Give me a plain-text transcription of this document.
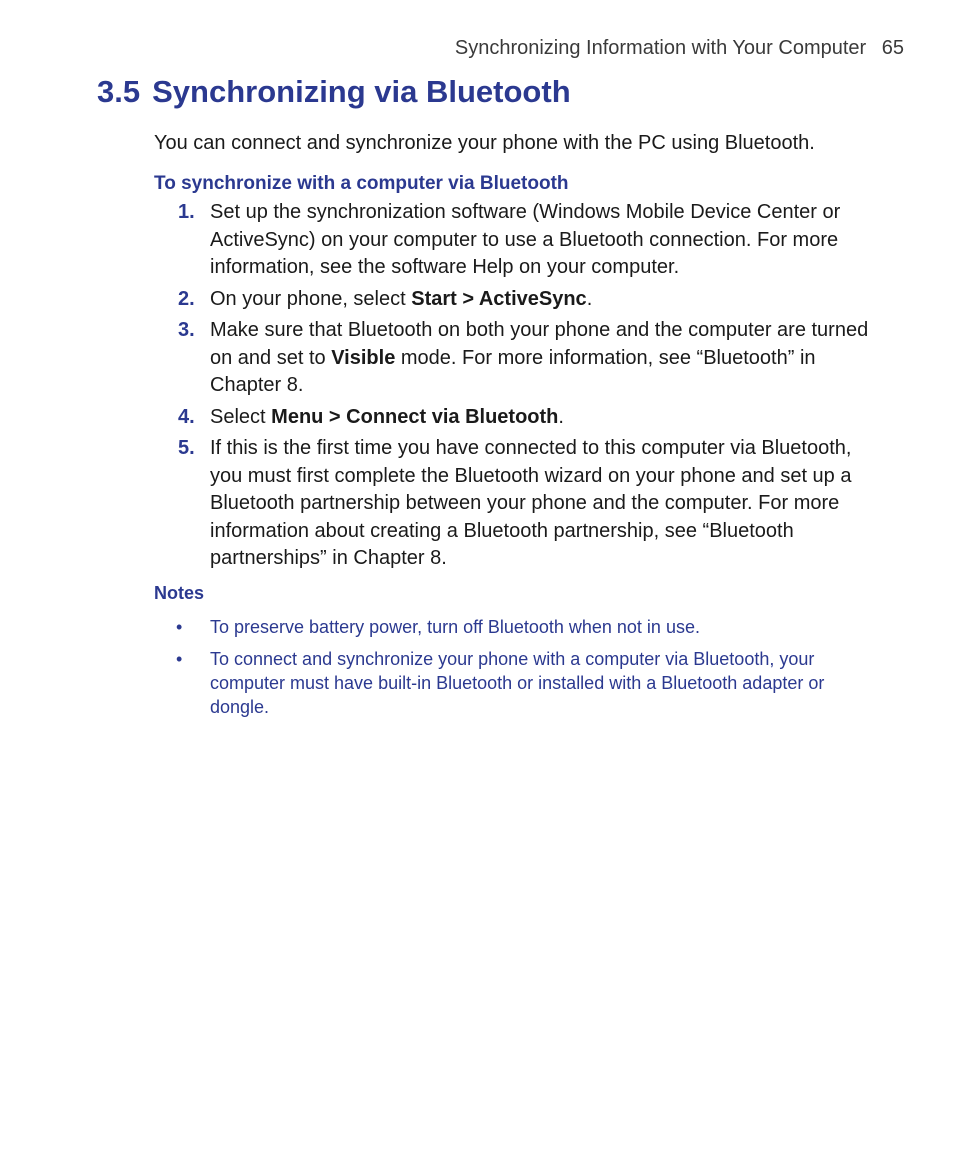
Synchronizing Information with Your Computer 65
3.5 Synchronizing via Bluetooth

You can connect and synchronize your phone with the PC using Bluetooth.

To synchronize with a computer via Bluetooth
1. Set up the synchronization software (Windows Mobile Device Center or ActiveSync) on your computer to use a Bluetooth connection. For more information, see the software Help on your computer.
2. On your phone, select Start > ActiveSync.
3. Make sure that Bluetooth on both your phone and the computer are turned on and set to Visible mode. For more information, see “Bluetooth” in Chapter 8.
4. Select Menu > Connect via Bluetooth.
5. If this is the first time you have connected to this computer via Bluetooth, you must first complete the Bluetooth wizard on your phone and set up a Bluetooth partnership between your phone and the computer. For more information about creating a Bluetooth partnership, see “Bluetooth partnerships” in Chapter 8.
Notes
• To preserve battery power, turn off Bluetooth when not in use.
• To connect and synchronize your phone with a computer via Bluetooth, your computer must have built-in Bluetooth or installed with a Bluetooth adapter or dongle.
